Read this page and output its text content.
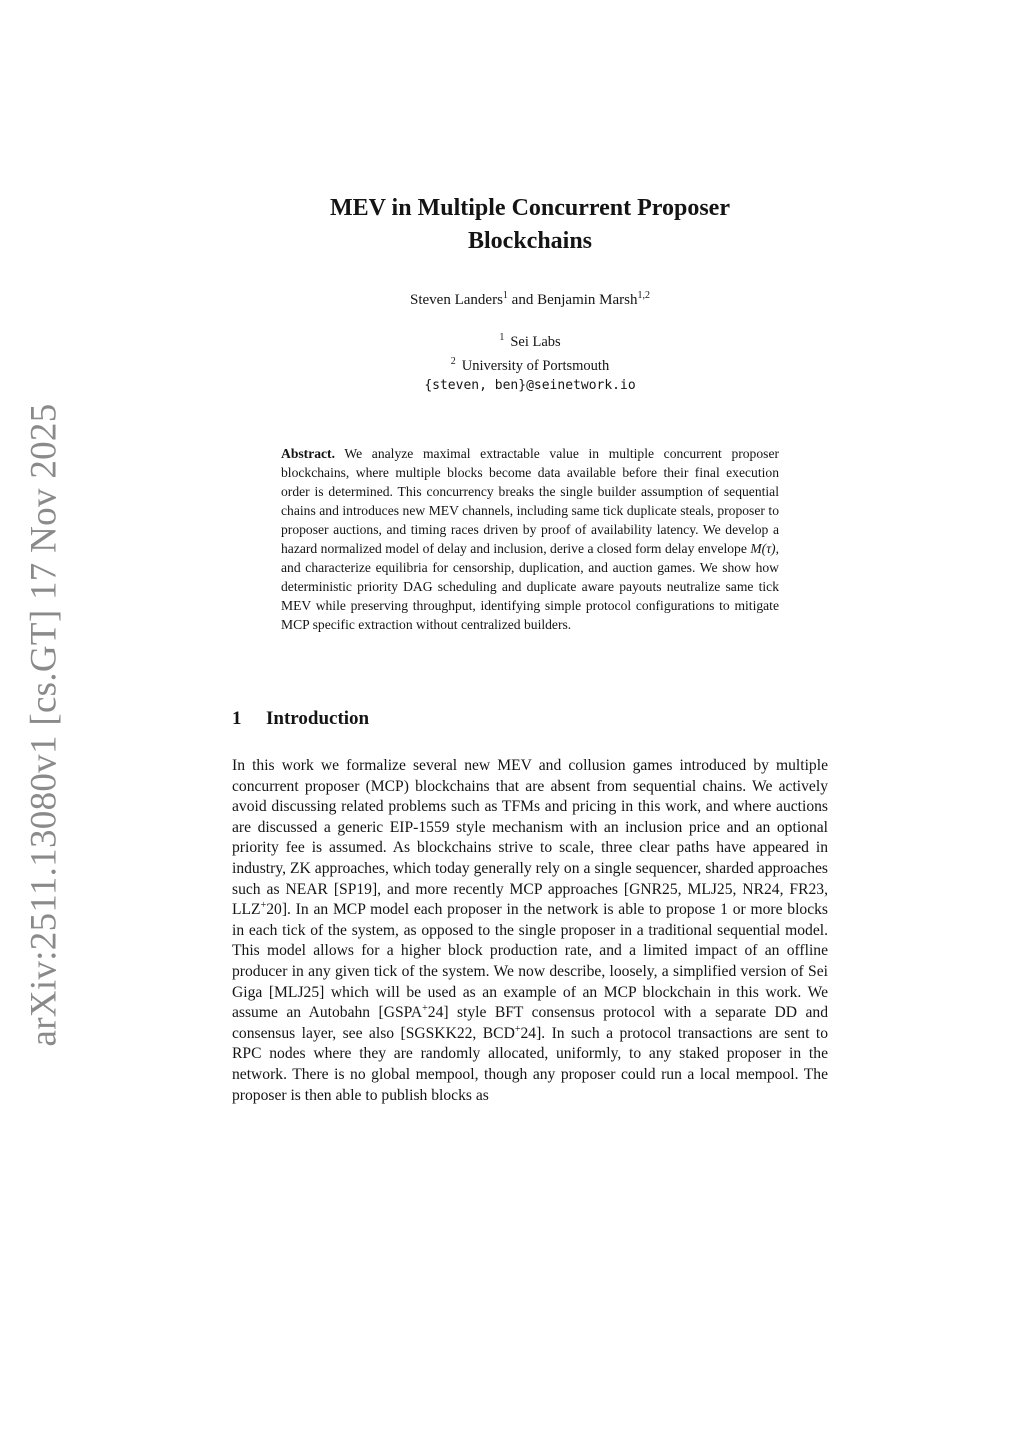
arXiv:2511.13080v1 [cs.GT] 17 Nov 2025
MEV in Multiple Concurrent Proposer
Blockchains
Steven Landers$^1$ and Benjamin Marsh$^{1,2}$
$^1$ Sei Labs
$^2$ University of Portsmouth
{steven, ben}@seinetwork.io
Abstract. We analyze maximal extractable value in multiple concurrent proposer blockchains, where multiple blocks become data available before their final execution order is determined. This concurrency breaks the single builder assumption of sequential chains and introduces new MEV channels, including same tick duplicate steals, proposer to proposer auctions, and timing races driven by proof of availability latency. We develop a hazard normalized model of delay and inclusion, derive a closed form delay envelope M(τ), and characterize equilibria for censorship, duplication, and auction games. We show how deterministic priority DAG scheduling and duplicate aware payouts neutralize same tick MEV while preserving throughput, identifying simple protocol configurations to mitigate MCP specific extraction without centralized builders.
1 Introduction
In this work we formalize several new MEV and collusion games introduced by multiple concurrent proposer (MCP) blockchains that are absent from sequential chains. We actively avoid discussing related problems such as TFMs and pricing in this work, and where auctions are discussed a generic EIP-1559 style mechanism with an inclusion price and an optional priority fee is assumed. As blockchains strive to scale, three clear paths have appeared in industry, ZK approaches, which today generally rely on a single sequencer, sharded approaches such as NEAR [SP19], and more recently MCP approaches [GNR25, MLJ25, NR24, FR23, LLZ+20]. In an MCP model each proposer in the network is able to propose 1 or more blocks in each tick of the system, as opposed to the single proposer in a traditional sequential model. This model allows for a higher block production rate, and a limited impact of an offline producer in any given tick of the system. We now describe, loosely, a simplified version of Sei Giga [MLJ25] which will be used as an example of an MCP blockchain in this work. We assume an Autobahn [GSPA+24] style BFT consensus protocol with a separate DD and consensus layer, see also [SGSKK22, BCD+24]. In such a protocol transactions are sent to RPC nodes where they are randomly allocated, uniformly, to any staked proposer in the network. There is no global mempool, though any proposer could run a local mempool. The proposer is then able to publish blocks as
